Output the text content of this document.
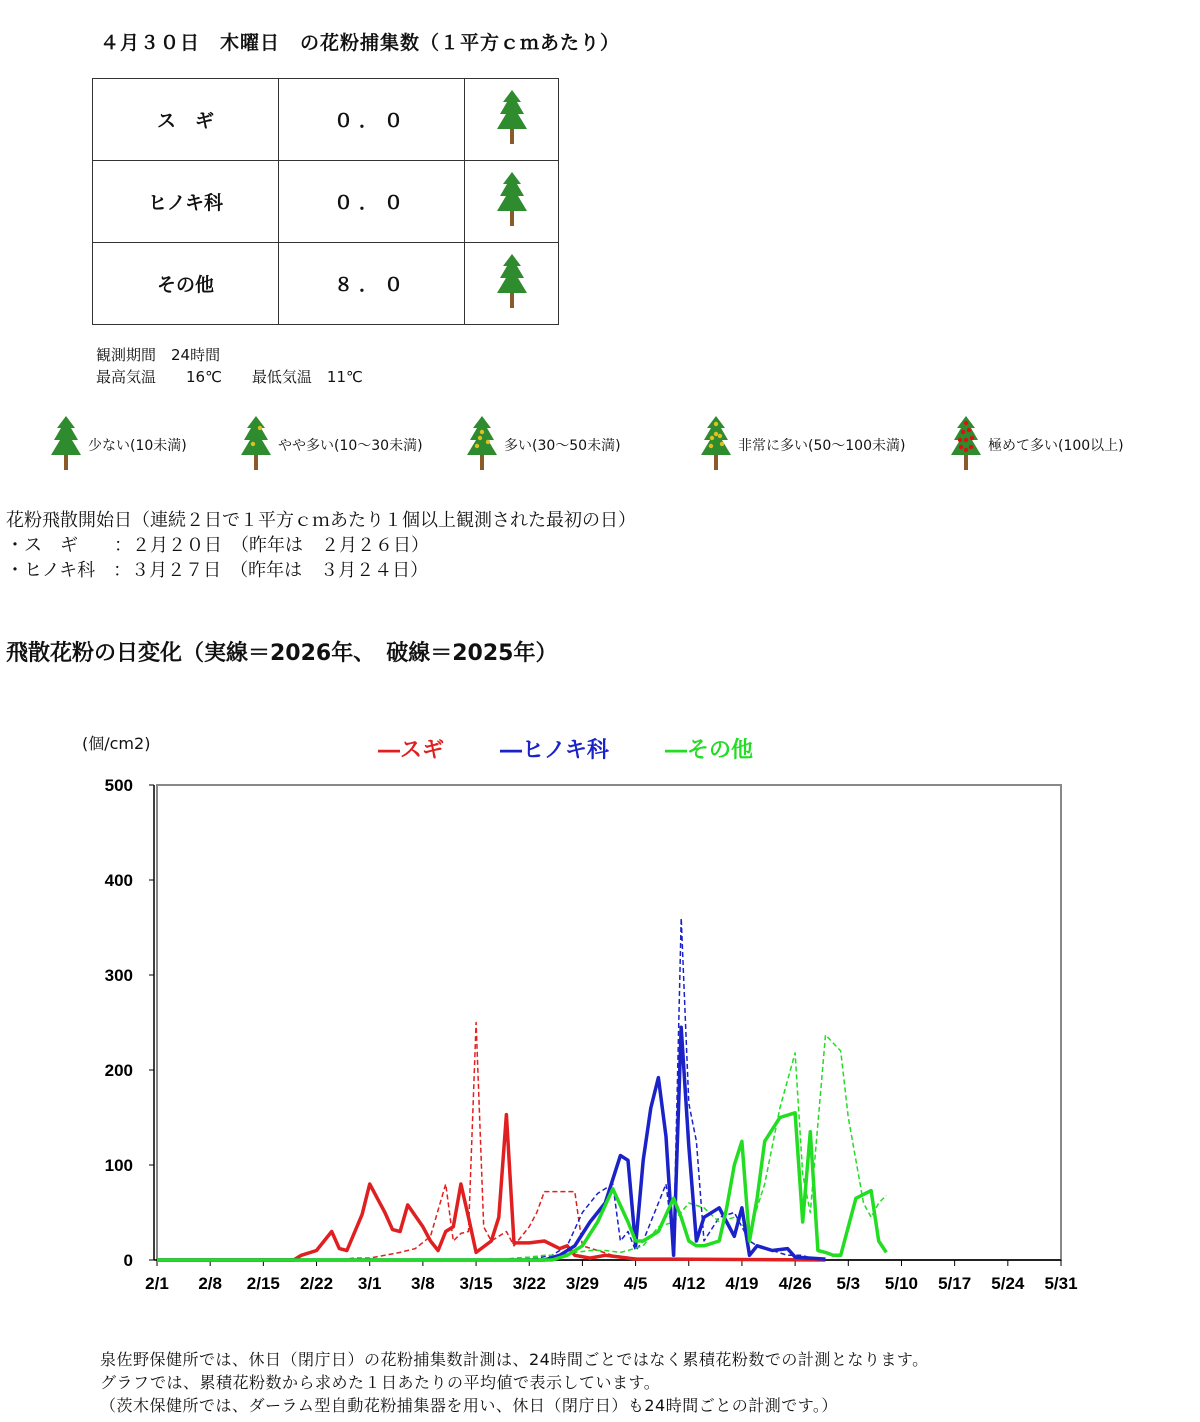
４月３０日　木曜日　の花粉捕集数（１平方ｃｍあたり）
ス　ギ	０．０	
ヒノキ科	０．０	
その他	８．０	
観測期間　24時間
最高気温　　16℃　　最低気温　11℃
少ない(10未満)	やや多い(10～30未満)	多い(30～50未満)	非常に多い(50～100未満)	極めて多い(100以上)
花粉飛散開始日（連続２日で１平方ｃｍあたり１個以上観測された最初の日）
・ス　ギ　　：２月２０日　（昨年は　２月２６日）
・ヒノキ科　：３月２７日　（昨年は　３月２４日）
飛散花粉の日変化（実線＝2026年、　破線＝2025年）
(個/cm2)	―スギ	―ヒノキ科	―その他
0
100
200
300
400
500
2/1 2/8 2/15 2/22 3/1 3/8 3/15 3/22 3/29 4/5 4/12 4/19 4/26 5/3 5/10 5/17 5/24 5/31
泉佐野保健所では、休日（閉庁日）の花粉捕集数計測は、24時間ごとではなく累積花粉数での計測となります。
グラフでは、累積花粉数から求めた１日あたりの平均値で表示しています。
（茨木保健所では、ダーラム型自動花粉捕集器を用い、休日（閉庁日）も24時間ごとの計測です。）
